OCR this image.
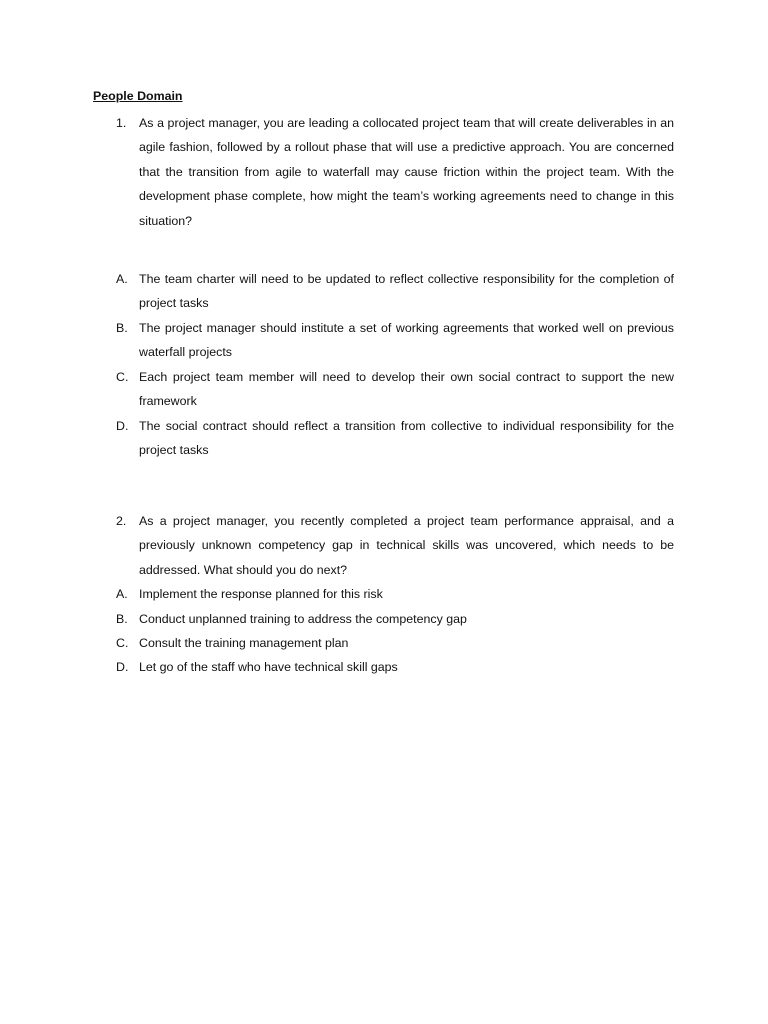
People Domain
1.	As a project manager, you are leading a collocated project team that will create deliverables in an agile fashion, followed by a rollout phase that will use a predictive approach. You are concerned that the transition from agile to waterfall may cause friction within the project team. With the development phase complete, how might the team’s working agreements need to change in this situation?
A. The team charter will need to be updated to reflect collective responsibility for the completion of project tasks
B. The project manager should institute a set of working agreements that worked well on previous waterfall projects
C. Each project team member will need to develop their own social contract to support the new framework
D. The social contract should reflect a transition from collective to individual responsibility for the project tasks
2.	As a project manager, you recently completed a project team performance appraisal, and a previously unknown competency gap in technical skills was uncovered, which needs to be addressed. What should you do next?
A. Implement the response planned for this risk
B. Conduct unplanned training to address the competency gap
C. Consult the training management plan
D. Let go of the staff who have technical skill gaps
